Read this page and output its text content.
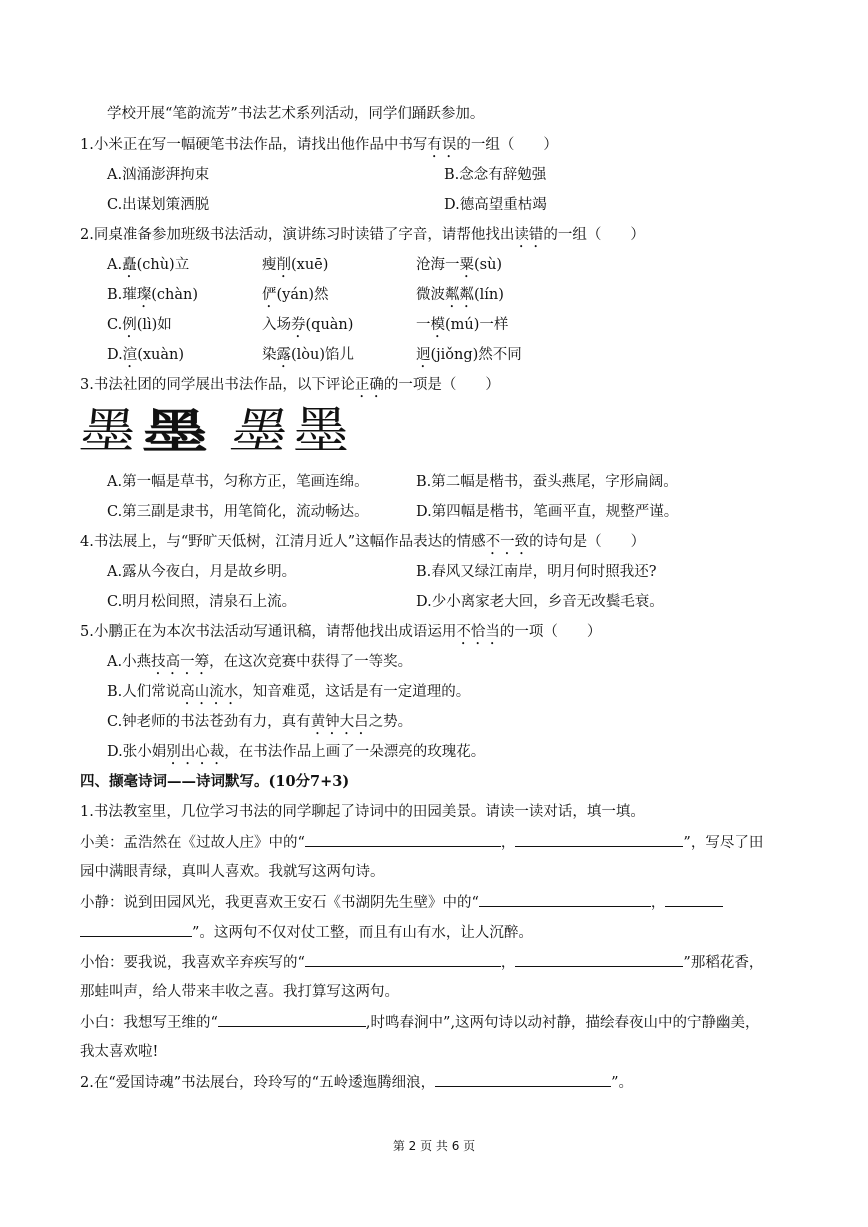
学校开展“笔韵流芳”书法艺术系列活动，同学们踊跃参加。
1.小米正在写一幅硬笔书法作品，请找出他作品中书写有误的一组（　　）
A.汹涌澎湃拘束	B.念念有辞勉强
C.出谋划策洒脱	D.德高望重枯竭
2.同桌准备参加班级书法活动，演讲练习时读错了字音，请帮他找出读错的一组（　　）
A.矗(chù)立	瘦削(xuē)	沧海一粟(sù)
B.璀璨(chàn)	俨(yán)然	微波粼粼(lín)
C.例(lì)如	入场券(quàn)	一模(mú)一样
D.渲(xuàn)	染露(lòu)馅儿	迥(jiǒng)然不同
3.书法社团的同学展出书法作品，以下评论正确的一项是（　　）
墨 墨 墨
墨
A.第一幅是草书，匀称方正，笔画连绵。	B.第二幅是楷书，蚕头燕尾，字形扁阔。
C.第三副是隶书，用笔简化，流动畅达。	D.第四幅是楷书，笔画平直，规整严谨。
4.书法展上，与“野旷天低树，江清月近人”这幅作品表达的情感不一致的诗句是（　　）
A.露从今夜白，月是故乡明。	B.春风又绿江南岸，明月何时照我还?
C.明月松间照，清泉石上流。	D.少小离家老大回，乡音无改鬓毛衰。
5.小鹏正在为本次书法活动写通讯稿，请帮他找出成语运用不恰当的一项（　　）
A.小燕技高一筹，在这次竞赛中获得了一等奖。
B.人们常说高山流水，知音难觅，这话是有一定道理的。
C.钟老师的书法苍劲有力，真有黄钟大吕之势。
D.张小娟别出心裁，在书法作品上画了一朵漂亮的玫瑰花。
四、撷毫诗词——诗词默写。(10分7+3)
1.书法教室里，几位学习书法的同学聊起了诗词中的田园美景。请读一读对话，填一填。
小美：孟浩然在《过故人庄》中的“	，	”，写尽了田
园中满眼青绿，真叫人喜欢。我就写这两句诗。
小静：说到田园风光，我更喜欢王安石《书湖阴先生壁》中的“	，
”。这两句不仅对仗工整，而且有山有水，让人沉醉。
小怡：要我说，我喜欢辛弃疾写的“	，	”那稻花香，
那蛙叫声，给人带来丰收之喜。我打算写这两句。
小白：我想写王维的“	,时鸣春涧中”,这两句诗以动衬静，描绘春夜山中的宁静幽美，
我太喜欢啦!
2.在“爱国诗魂”书法展台，玲玲写的“五岭逶迤腾细浪，	”。
第 2 页 共 6 页
